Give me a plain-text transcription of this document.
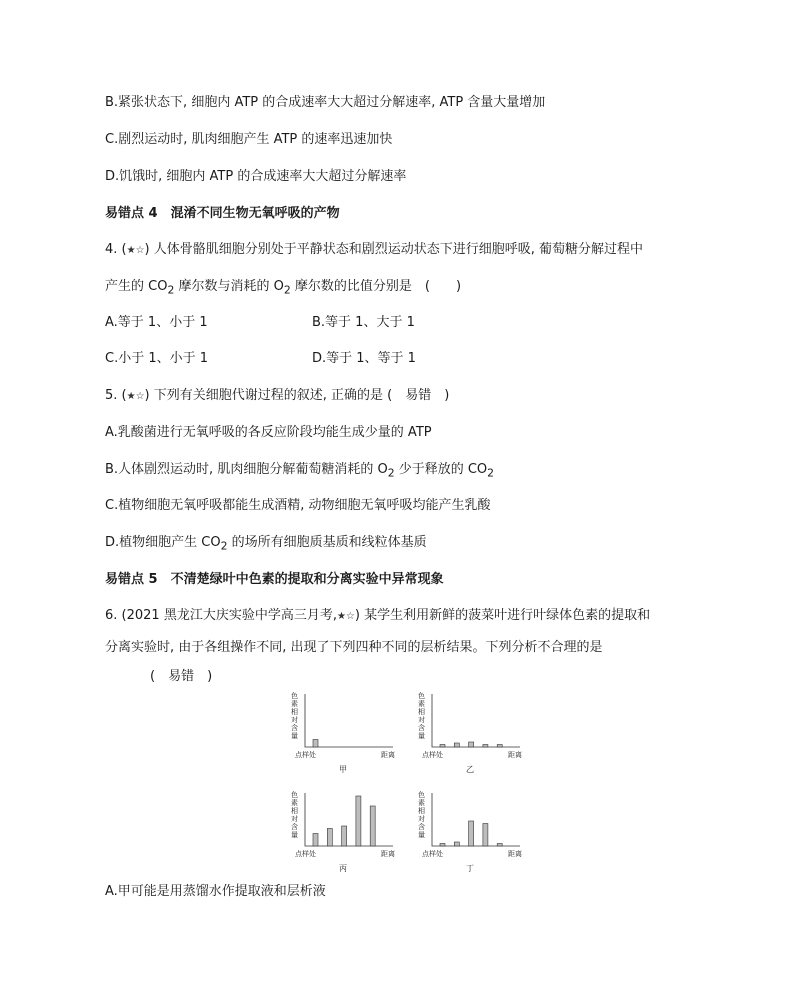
B.紧张状态下, 细胞内 ATP 的合成速率大大超过分解速率, ATP 含量大量增加
C.剧烈运动时, 肌肉细胞产生 ATP 的速率迅速加快
D.饥饿时, 细胞内 ATP 的合成速率大大超过分解速率
易错点 4　混淆不同生物无氧呼吸的产物
4. (★☆) 人体骨骼肌细胞分别处于平静状态和剧烈运动状态下进行细胞呼吸, 葡萄糖分解过程中
产生的 $CO_2$ 摩尔数与消耗的 $O_2$ 摩尔数的比值分别是　(　　)
A.等于 1、小于 1	B.等于 1、大于 1
C.小于 1、小于 1	D.等于 1、等于 1
5. (★☆) 下列有关细胞代谢过程的叙述, 正确的是 (　易错　)
A.乳酸菌进行无氧呼吸的各反应阶段均能生成少量的 ATP
B.人体剧烈运动时, 肌肉细胞分解葡萄糖消耗的 $O_2$ 少于释放的 $CO_2$
C.植物细胞无氧呼吸都能生成酒精, 动物细胞无氧呼吸均能产生乳酸
D.植物细胞产生 $CO_2$ 的场所有细胞质基质和线粒体基质
易错点 5　不清楚绿叶中色素的提取和分离实验中异常现象
6. (2021 黑龙江大庆实验中学高三月考,★☆) 某学生利用新鲜的菠菜叶进行叶绿体色素的提取和
分离实验时, 由于各组操作不同, 出现了下列四种不同的层析结果。下列分析不合理的是
(　易错　)
色素相对含量
点样处	距离
甲
色素相对含量
点样处	距离
乙
色素相对含量
点样处	距离
丙
色素相对含量
点样处	距离
丁
A.甲可能是用蒸馏水作提取液和层析液
